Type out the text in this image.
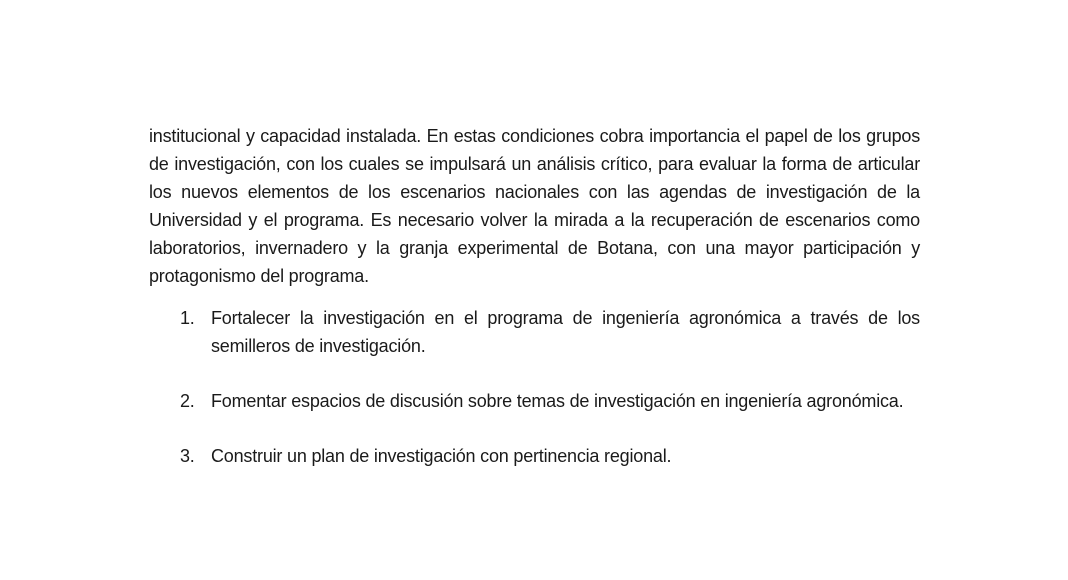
institucional y capacidad instalada. En estas condiciones cobra importancia el papel de los grupos de investigación, con los cuales se impulsará un análisis crítico, para evaluar la forma de articular los nuevos elementos de los escenarios nacionales con las agendas de investigación de la Universidad y el programa. Es necesario volver la mirada a la recuperación de escenarios como laboratorios, invernadero y la granja experimental de Botana, con una mayor participación y protagonismo del programa.

1. Fortalecer la investigación en el programa de ingeniería agronómica a través de los semilleros de investigación.
2. Fomentar espacios de discusión sobre temas de investigación en ingeniería agronómica.
3. Construir un plan de investigación con pertinencia regional.
